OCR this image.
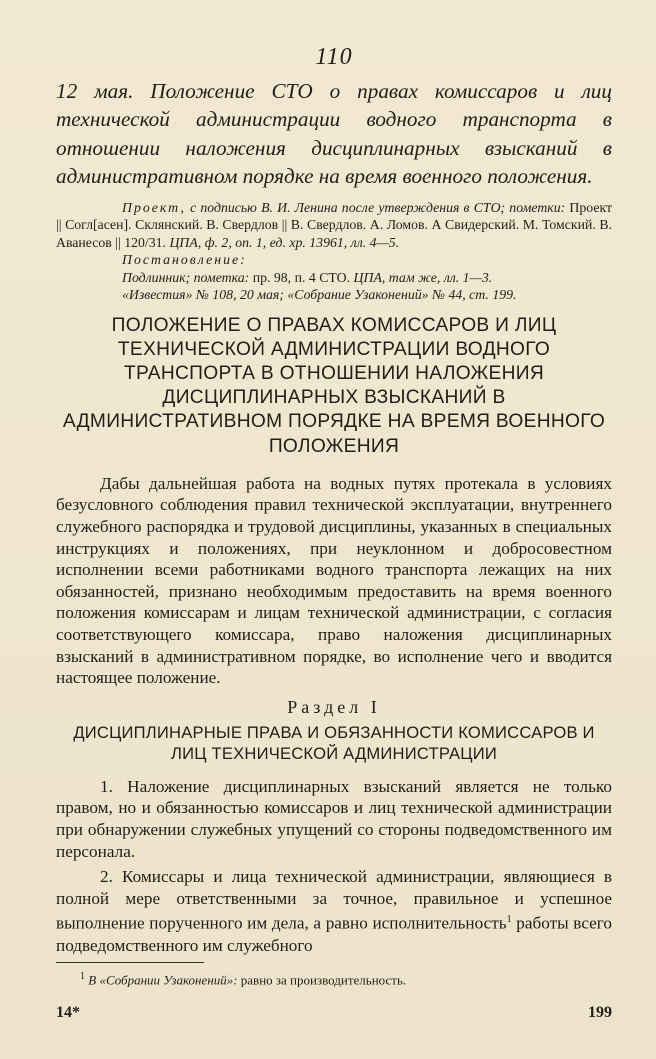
110

12 мая. Положение СТО о правах комиссаров и лиц технической администрации водного транспорта в отношении наложения дисциплинарных взысканий в административном порядке на время военного положения.

Проект, с подписью В. И. Ленина после утверждения в СТО; пометки: Проект || Согл[асен]. Склянский. В. Свердлов || В. Свердлов. А. Ломов. А Свидерский. М. Томский. В. Аванесов || 120/31. ЦПА, ф. 2, оп. 1, ед. хр. 13961, лл. 4—5.

Постановление:

Подлинник; пометка: пр. 98, п. 4 СТО. ЦПА, там же, лл. 1—3.

«Известия» № 108, 20 мая; «Собрание Узаконений» № 44, ст. 199.

ПОЛОЖЕНИЕ О ПРАВАХ КОМИССАРОВ И ЛИЦ ТЕХНИЧЕСКОЙ АДМИНИСТРАЦИИ ВОДНОГО ТРАНСПОРТА В ОТНОШЕНИИ НАЛОЖЕНИЯ ДИСЦИПЛИНАРНЫХ ВЗЫСКАНИЙ В АДМИНИСТРАТИВНОМ ПОРЯДКЕ НА ВРЕМЯ ВОЕННОГО ПОЛОЖЕНИЯ

Дабы дальнейшая работа на водных путях протекала в условиях безусловного соблюдения правил технической эксплуатации, внутреннего служебного распорядка и трудовой дисциплины, указанных в специальных инструкциях и положениях, при неуклонном и добросовестном исполнении всеми работниками водного транспорта лежащих на них обязанностей, признано необходимым предоставить на время военного положения комиссарам и лицам технической администрации, с согласия соответствующего комиссара, право наложения дисциплинарных взысканий в административном порядке, во исполнение чего и вводится настоящее положение.

Раздел I
ДИСЦИПЛИНАРНЫЕ ПРАВА И ОБЯЗАННОСТИ КОМИССАРОВ И ЛИЦ ТЕХНИЧЕСКОЙ АДМИНИСТРАЦИИ

1. Наложение дисциплинарных взысканий является не только правом, но и обязанностью комиссаров и лиц технической администрации при обнаружении служебных упущений со стороны подведомственного им персонала.

2. Комиссары и лица технической администрации, являющиеся в полной мере ответственными за точное, правильное и успешное выполнение порученного им дела, а равно исполнительность$^1$ работы всего подведомственного им служебного

$^1$ В «Собрании Узаконений»: равно за производительность.

14*	199
